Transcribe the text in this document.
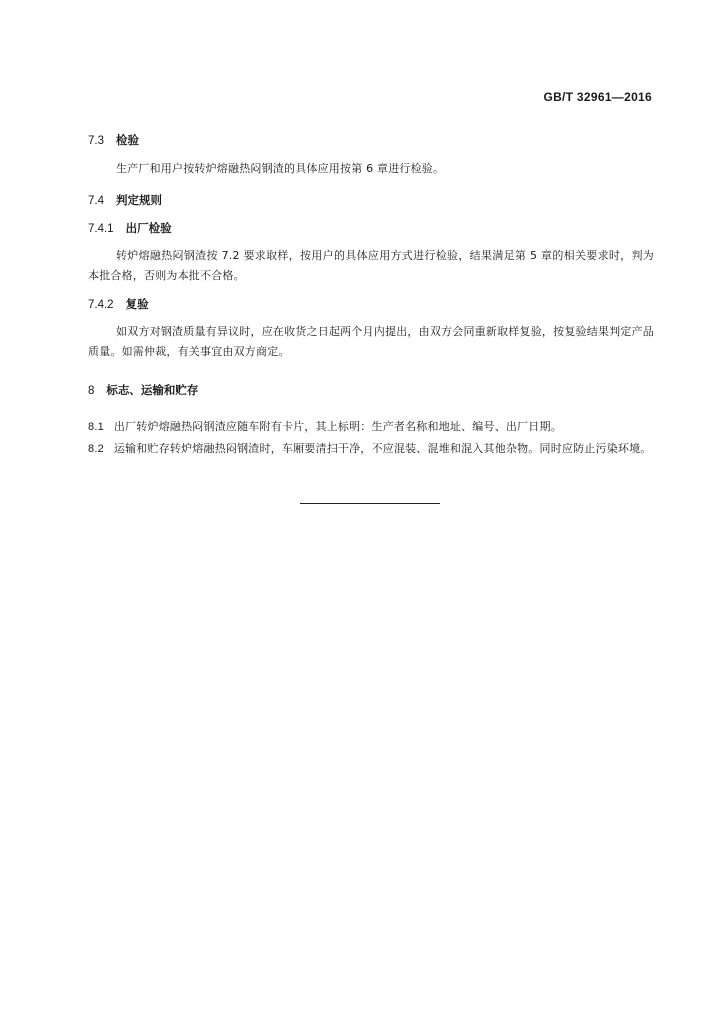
GB/T 32961—2016
7.3 检验
生产厂和用户按转炉熔融热闷钢渣的具体应用按第 6 章进行检验。
7.4 判定规则
7.4.1 出厂检验
转炉熔融热闷钢渣按 7.2 要求取样，按用户的具体应用方式进行检验，结果满足第 5 章的相关要求时，判为本批合格，否则为本批不合格。
7.4.2 复验
如双方对钢渣质量有异议时，应在收货之日起两个月内提出，由双方会同重新取样复验，按复验结果判定产品质量。如需仲裁，有关事宜由双方商定。
8 标志、运输和贮存
8.1 出厂转炉熔融热闷钢渣应随车附有卡片，其上标明：生产者名称和地址、编号、出厂日期。
8.2 运输和贮存转炉熔融热闷钢渣时，车厢要清扫干净，不应混装、混堆和混入其他杂物。同时应防止污染环境。
